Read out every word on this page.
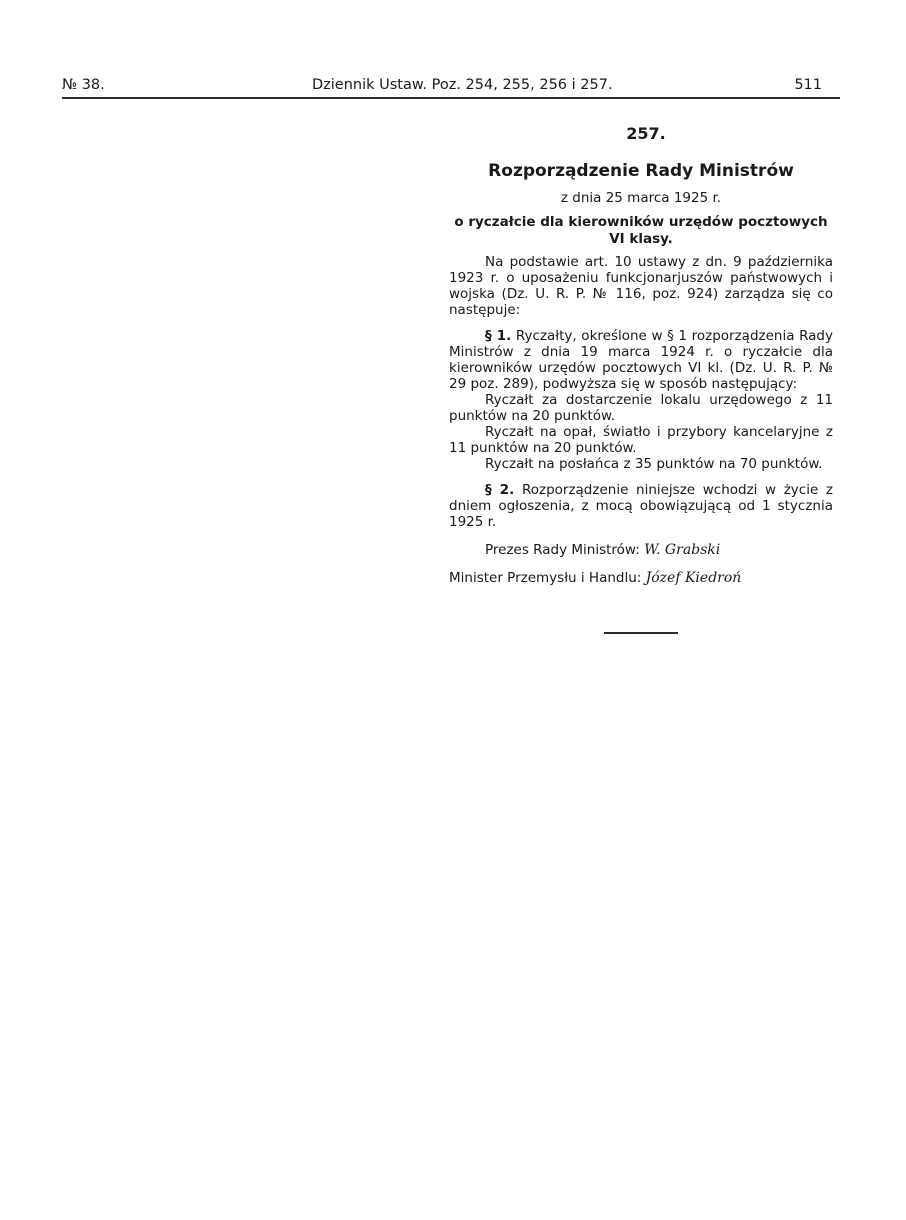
№ 38.	Dziennik Ustaw. Poz. 254, 255, 256 i 257.	511
257.
Rozporządzenie Rady Ministrów
z dnia 25 marca 1925 r.
o ryczałcie dla kierowników urzędów pocztowych VI klasy.

Na podstawie art. 10 ustawy z dn. 9 października 1923 r. o uposażeniu funkcjonarjuszów państwowych i wojska (Dz. U. R. P. № 116, poz. 924) zarządza się co następuje:

§ 1. Ryczałty, określone w § 1 rozporządzenia Rady Ministrów z dnia 19 marca 1924 r. o ryczałcie dla kierowników urzędów pocztowych VI kl. (Dz. U. R. P. № 29 poz. 289), podwyższa się w sposób następujący:

Ryczałt za dostarczenie lokalu urzędowego z 11 punktów na 20 punktów.

Ryczałt na opał, światło i przybory kancelaryjne z 11 punktów na 20 punktów.

Ryczałt na posłańca z 35 punktów na 70 punktów.

§ 2. Rozporządzenie niniejsze wchodzi w życie z dniem ogłoszenia, z mocą obowiązującą od 1 stycznia 1925 r.

Prezes Rady Ministrów: W. Grabski
Minister Przemysłu i Handlu: Józef Kiedroń
